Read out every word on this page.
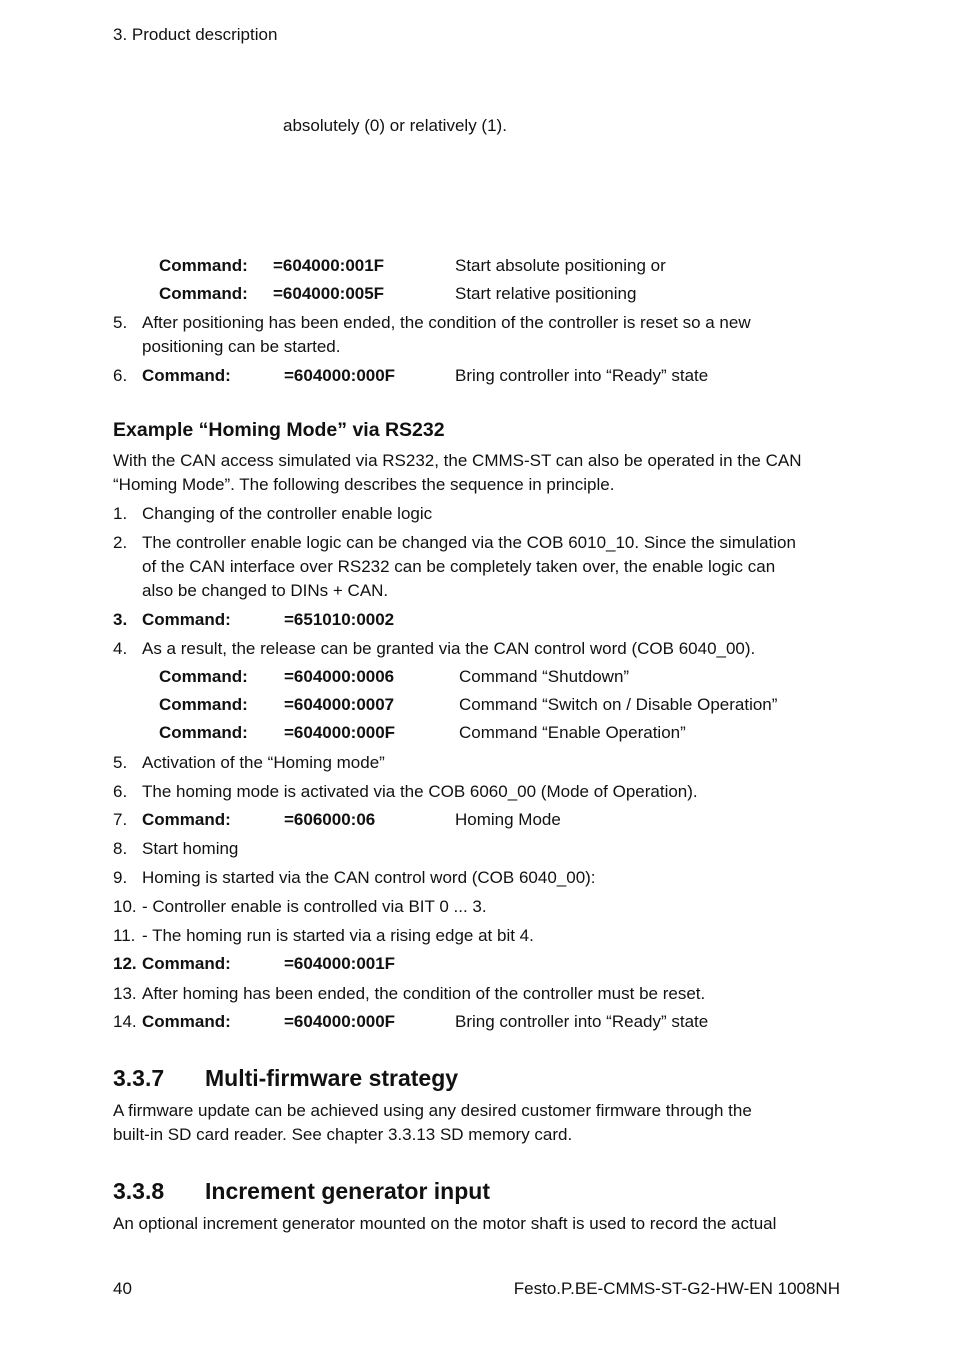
3. Product description
absolutely (0) or relatively (1).
Command: =604000:001F	Start absolute positioning or
Command: =604000:005F	Start relative positioning
5. After positioning has been ended, the condition of the controller is reset so a new
positioning can be started.
6. Command:	=604000:000F	Bring controller into “Ready” state
Example “Homing Mode” via RS232
With the CAN access simulated via RS232, the CMMS-ST can also be operated in the CAN
“Homing Mode”. The following describes the sequence in principle.
1. Changing of the controller enable logic
2. The controller enable logic can be changed via the COB 6010_10. Since the simulation
of the CAN interface over RS232 can be completely taken over, the enable logic can
also be changed to DINs + CAN.
3. Command:	=651010:0002
4. As a result, the release can be granted via the CAN control word (COB 6040_00).
Command: =604000:0006	Command “Shutdown”
Command: =604000:0007	Command “Switch on / Disable Operation”
Command: =604000:000F	Command “Enable Operation”
5. Activation of the “Homing mode”
6. The homing mode is activated via the COB 6060_00 (Mode of Operation).
7. Command:	=606000:06	Homing Mode
8. Start homing
9. Homing is started via the CAN control word (COB 6040_00):
10. - Controller enable is controlled via BIT 0 ... 3.
11. - The homing run is started via a rising edge at bit 4.
12. Command:	=604000:001F
13. After homing has been ended, the condition of the controller must be reset.
14. Command:	=604000:000F	Bring controller into “Ready” state
3.3.7 Multi-firmware strategy
A firmware update can be achieved using any desired customer firmware through the
built-in SD card reader. See chapter 3.3.13 SD memory card.
3.3.8 Increment generator input
An optional increment generator mounted on the motor shaft is used to record the actual
40	Festo.P.BE-CMMS-ST-G2-HW-EN 1008NH
